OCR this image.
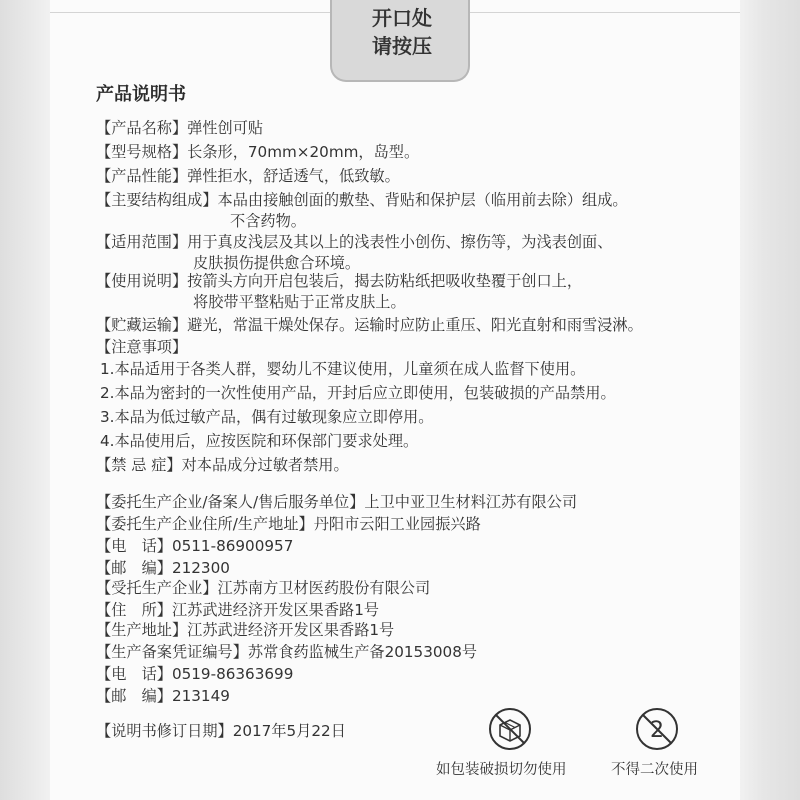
开口处
请按压
产品说明书
【产品名称】弹性创可贴
【型号规格】长条形，70mm×20mm，岛型。
【产品性能】弹性拒水，舒适透气，低致敏。
【主要结构组成】本品由接触创面的敷垫、背贴和保护层（临用前去除）组成。
不含药物。
【适用范围】用于真皮浅层及其以上的浅表性小创伤、擦伤等，为浅表创面、
皮肤损伤提供愈合环境。
【使用说明】按箭头方向开启包装后，揭去防粘纸把吸收垫覆于创口上，
将胶带平整粘贴于正常皮肤上。
【贮藏运输】避光，常温干燥处保存。运输时应防止重压、阳光直射和雨雪浸淋。
【注意事项】
1.本品适用于各类人群，婴幼儿不建议使用，儿童须在成人监督下使用。
2.本品为密封的一次性使用产品，开封后应立即使用，包装破损的产品禁用。
3.本品为低过敏产品，偶有过敏现象应立即停用。
4.本品使用后，应按医院和环保部门要求处理。
【禁 忌 症】对本品成分过敏者禁用。
【委托生产企业/备案人/售后服务单位】上卫中亚卫生材料江苏有限公司
【委托生产企业住所/生产地址】丹阳市云阳工业园振兴路
【电　话】0511-86900957
【邮　编】212300
【受托生产企业】江苏南方卫材医药股份有限公司
【住　所】江苏武进经济开发区果香路1号
【生产地址】江苏武进经济开发区果香路1号
【生产备案凭证编号】苏常食药监械生产备20153008号
【电　话】0519-86363699
【邮　编】213149
【说明书修订日期】2017年5月22日
如包装破损切勿使用
2
不得二次使用
